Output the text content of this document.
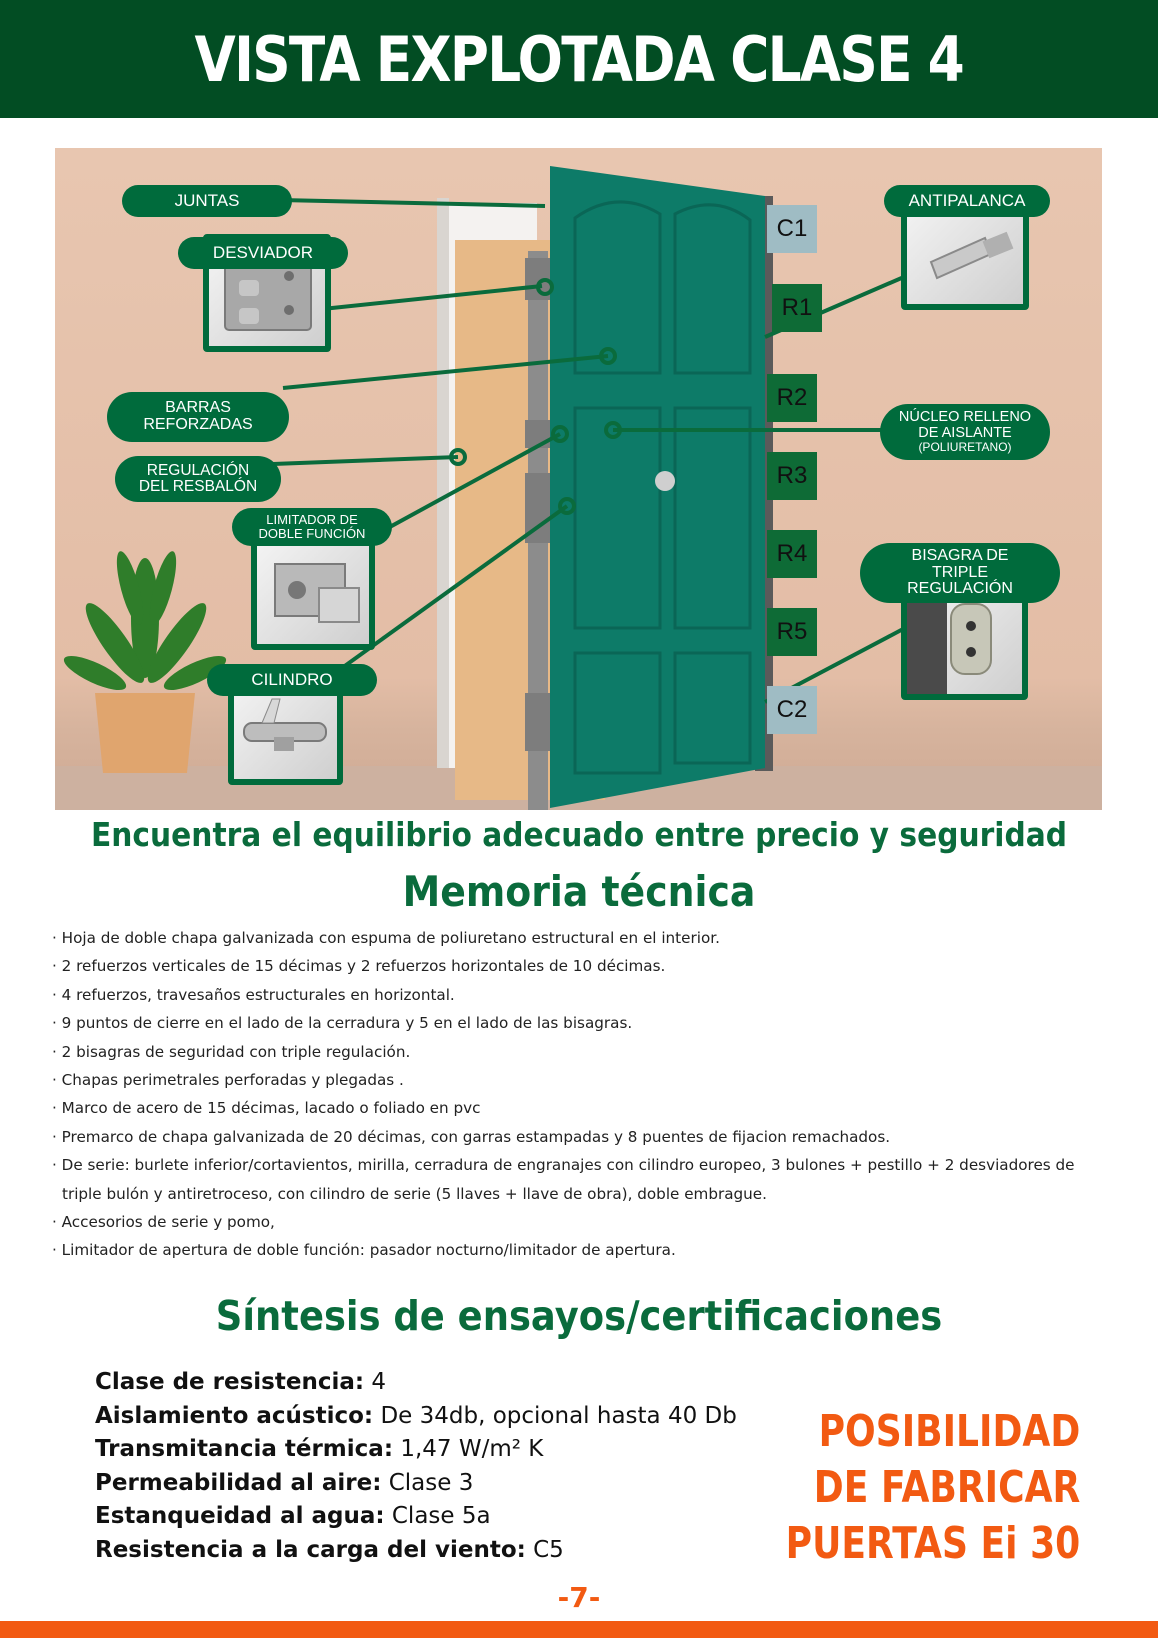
VISTA EXPLOTADA CLASE 4
C1
R1
R2
R3
R4
R5
C2
JUNTAS
DESVIADOR
BARRAS
REFORZADAS
REGULACIÓN
DEL RESBALÓN
LIMITADOR DE
DOBLE FUNCIÓN
CILINDRO
ANTIPALANCA
NÚCLEO RELLENO
DE AISLANTE
(POLIURETANO)
BISAGRA DE
TRIPLE
REGULACIÓN
Encuentra el equilibrio adecuado entre precio y seguridad
Memoria técnica
· Hoja de doble chapa galvanizada con espuma de poliuretano estructural en el interior.
· 2 refuerzos verticales de 15 décimas y 2 refuerzos horizontales de 10 décimas.
· 4 refuerzos, travesaños estructurales en horizontal.
· 9 puntos de cierre en el lado de la cerradura y 5 en el lado de las bisagras.
· 2 bisagras de seguridad con triple regulación.
· Chapas perimetrales perforadas y plegadas .
· Marco de acero de 15 décimas, lacado o foliado en pvc
· Premarco de chapa galvanizada de 20 décimas, con garras estampadas y 8 puentes de fijacion remachados.
· De serie: burlete inferior/cortavientos, mirilla, cerradura de engranajes con cilindro europeo, 3 bulones + pestillo + 2 desviadores de triple bulón y antiretroceso, con cilindro de serie (5 llaves + llave de obra), doble embrague.
· Accesorios de serie y pomo,
· Limitador de apertura de doble función: pasador nocturno/limitador de apertura.
Síntesis de ensayos/certificaciones
Clase de resistencia: 4
Aislamiento acústico: De 34db, opcional hasta 40 Db
Transmitancia térmica: 1,47 W/m² K
Permeabilidad al aire: Clase 3
Estanqueidad al agua: Clase 5a
Resistencia a la carga del viento: C5
POSIBILIDAD
DE FABRICAR
PUERTAS Ei 30
-7-
